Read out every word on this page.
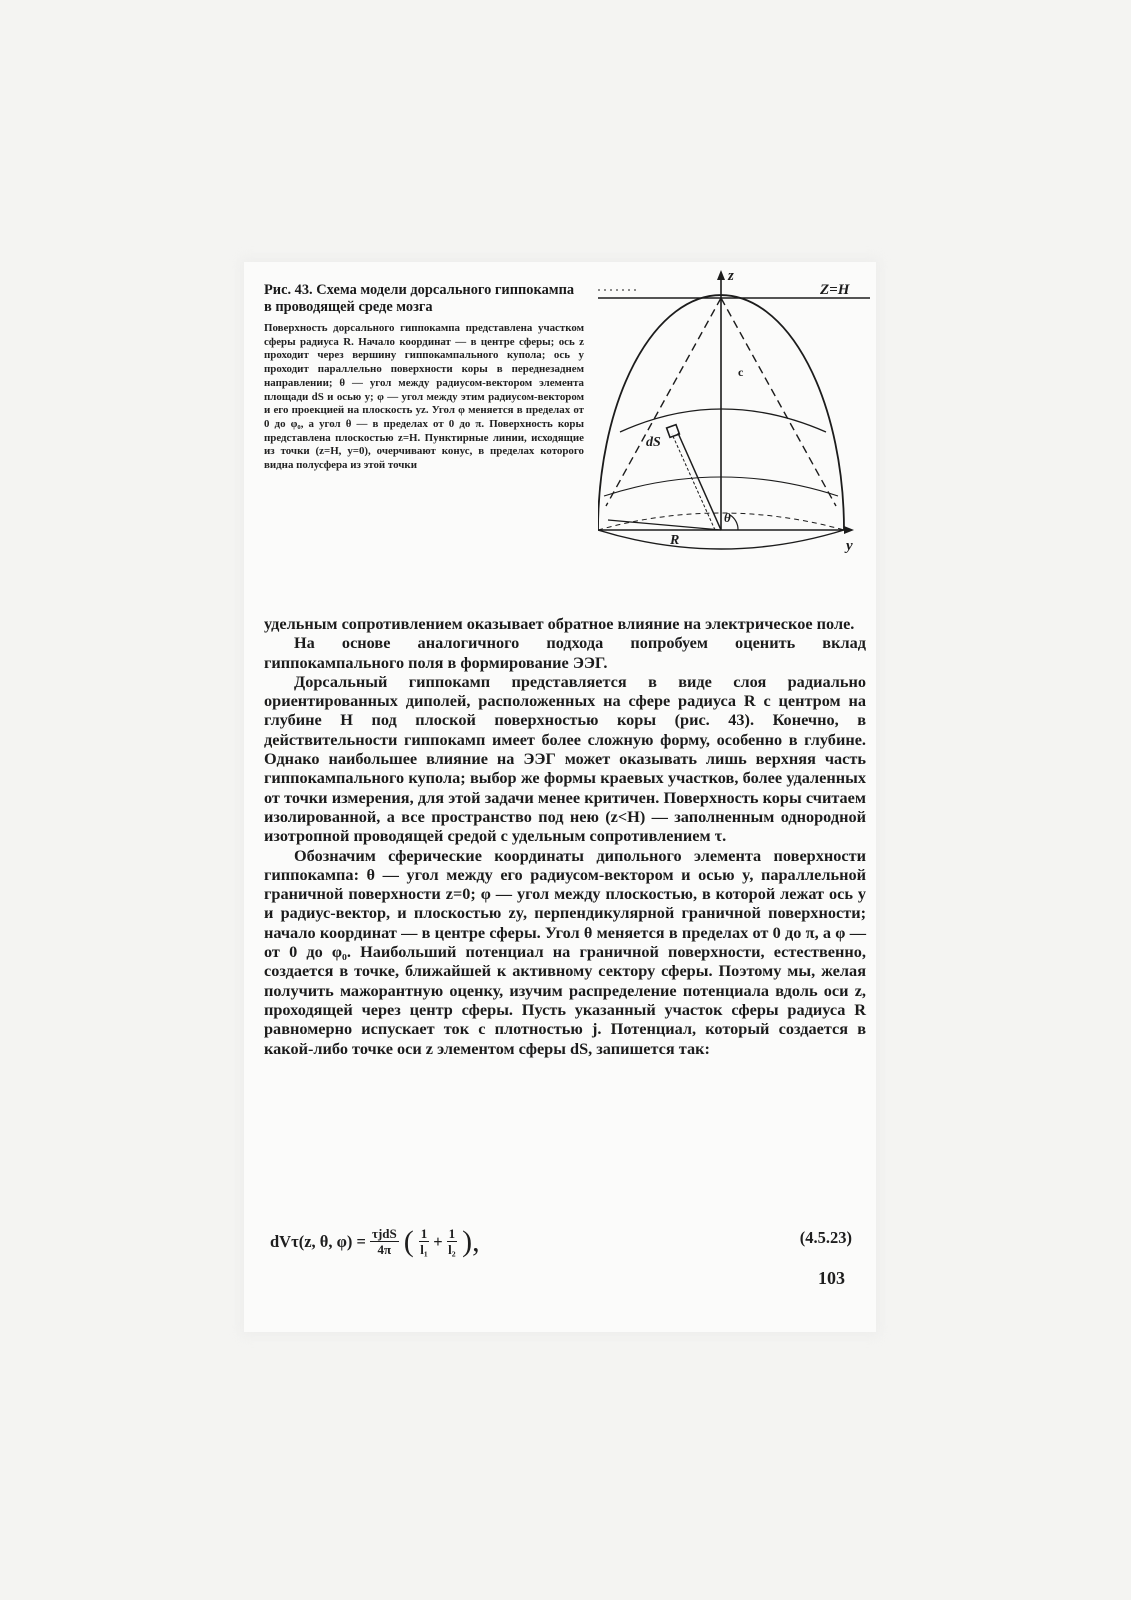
Рис. 43. Схема модели дорсального гиппокампа в проводящей среде мозга

Поверхность дорсального гиппокампа представлена участком сферы радиуса R. Начало координат — в центре сферы; ось z проходит через вершину гиппокампального купола; ось y проходит параллельно поверхности коры в переднезаднем направлении; θ — угол между радиусом-вектором элемента площади dS и осью y; φ — угол между этим радиусом-вектором и его проекцией на плоскость yz. Угол φ меняется в пределах от 0 до φ₀, а угол θ — в пределах от 0 до π. Поверхность коры представлена плоскостью z=H. Пунктирные линии, исходящие из точки (z=H, y=0), очерчивают конус, в пределах которого видна полусфера из этой точки

z
Z=H
y
R
dS
θ
c

удельным сопротивлением оказывает обратное влияние на электрическое поле.

На основе аналогичного подхода попробуем оценить вклад гиппокампального поля в формирование ЭЭГ.

Дорсальный гиппокамп представляется в виде слоя радиально ориентированных диполей, расположенных на сфере радиуса R с центром на глубине H под плоской поверхностью коры (рис. 43). Конечно, в действительности гиппокамп имеет более сложную форму, особенно в глубине. Однако наибольшее влияние на ЭЭГ может оказывать лишь верхняя часть гиппокампального купола; выбор же формы краевых участков, более удаленных от точки измерения, для этой задачи менее критичен. Поверхность коры считаем изолированной, а все пространство под нею (z<H) — заполненным однородной изотропной проводящей средой с удельным сопротивлением τ.

Обозначим сферические координаты дипольного элемента поверхности гиппокампа: θ — угол между его радиусом-вектором и осью y, параллельной граничной поверхности z=0; φ — угол между плоскостью, в которой лежат ось y и радиус-вектор, и плоскостью zy, перпендикулярной граничной поверхности; начало координат — в центре сферы. Угол θ меняется в пределах от 0 до π, а φ — от 0 до φ₀. Наибольший потенциал на граничной поверхности, естественно, создается в точке, ближайшей к активному сектору сферы. Поэтому мы, желая получить мажорантную оценку, изучим распределение потенциала вдоль оси z, проходящей через центр сферы. Пусть указанный участок сферы радиуса R равномерно испускает ток с плотностью j. Потенциал, который создается в какой-либо точке оси z элементом сферы dS, запишется так:

dVτ(z, θ, $\varphi) = \frac{\text{τjdS}}{4\pi}$ ( $\frac{1}{\text{l₁}} + \frac{1}{\text{l₂}}$ ),	(4.5.23)
103
